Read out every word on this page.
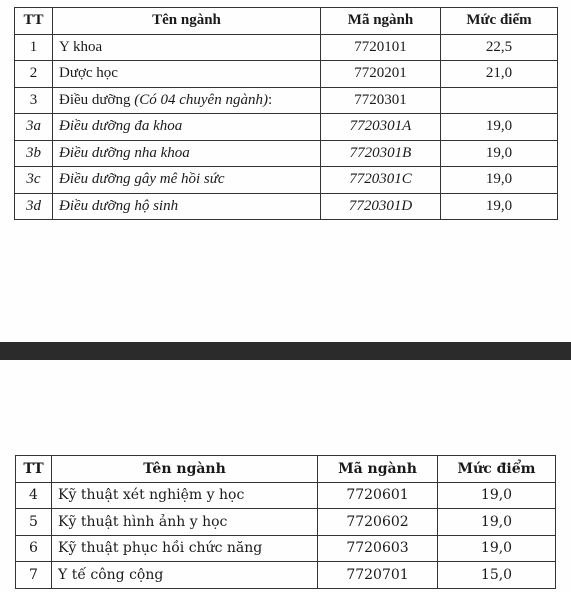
TT	Tên ngành	Mã ngành	Mức điểm
1	Y khoa	7720101	22,5
2	Dược học	7720201	21,0
3	Điều dưỡng (Có 04 chuyên ngành):	7720301	
3a	Điều dưỡng đa khoa	7720301A	19,0
3b	Điều dưỡng nha khoa	7720301B	19,0
3c	Điều dưỡng gây mê hồi sức	7720301C	19,0
3d	Điều dưỡng hộ sinh	7720301D	19,0
TT	Tên ngành	Mã ngành	Mức điểm
4	Kỹ thuật xét nghiệm y học	7720601	19,0
5	Kỹ thuật hình ảnh y học	7720602	19,0
6	Kỹ thuật phục hồi chức năng	7720603	19,0
7	Y tế công cộng	7720701	15,0
